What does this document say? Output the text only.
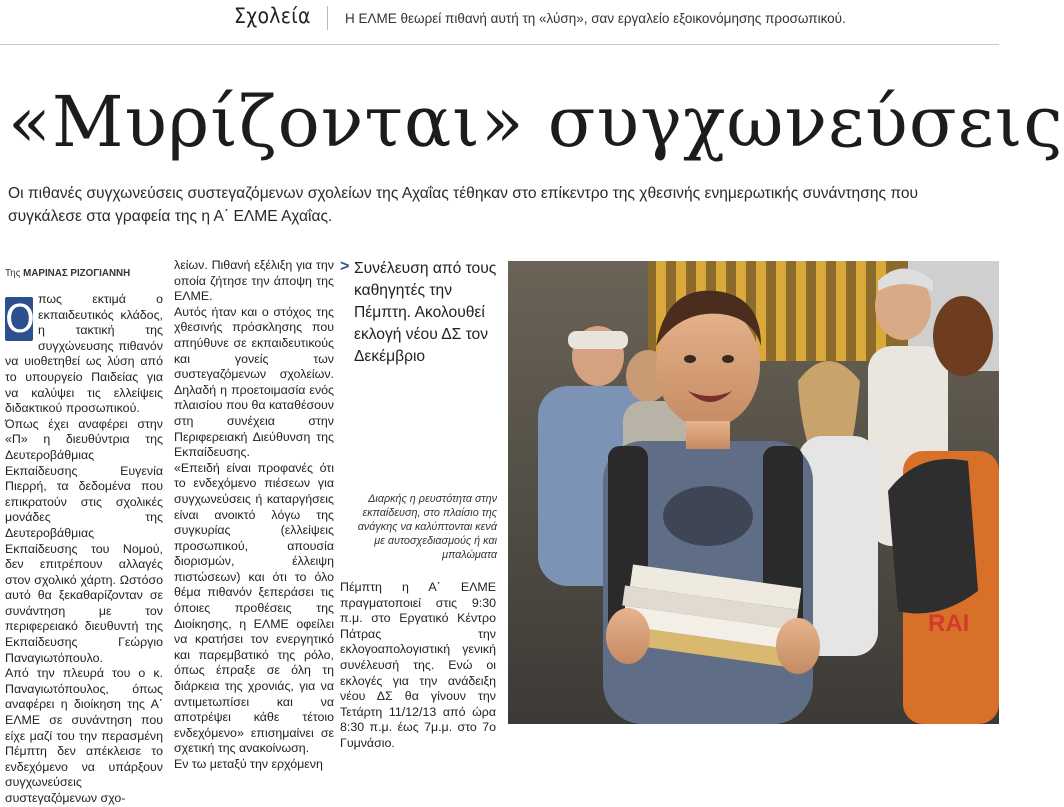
Σχολεία	Η ΕΛΜΕ θεωρεί πιθανή αυτή τη «λύση», σαν εργαλείο εξοικονόμησης προσωπικού.
«Μυρίζονται» συγχωνεύσεις
Οι πιθανές συγχωνεύσεις συστεγαζόμενων σχολείων της Αχαΐας τέθηκαν στο επίκεντρο της χθεσινής ενημερωτικής συνάντησης που συγκάλεσε στα γραφεία της η Α΄ ΕΛΜΕ Αχαΐας.
Της ΜΑΡΙΝΑΣ ΡΙΖΟΓΙΑΝΝΗ
Ο πως εκτιμά ο εκπαιδευτικός κλάδος, η τακτική της συγχώνευσης πιθανόν να υιοθετηθεί ως λύση από το υπουργείο Παιδείας για να καλύψει τις ελλείψεις διδακτικού προσωπικού.

Όπως έχει αναφέρει στην «Π» η διευθύντρια της Δευτεροβάθμιας Εκπαίδευσης Ευγενία Πιερρή, τα δεδομένα που επικρατούν στις σχολικές μονάδες της Δευτεροβάθμιας Εκπαίδευσης του Νομού, δεν επιτρέπουν αλλαγές στον σχολικό χάρτη. Ωστόσο αυτό θα ξεκαθαρίζονταν σε συνάντηση με τον περιφερειακό διευθυντή της Εκπαίδευσης Γεώργιο Παναγιωτόπουλο.

Από την πλευρά του ο κ. Παναγιωτόπουλος, όπως αναφέρει η διοίκηση της Α΄ ΕΛΜΕ σε συνάντηση που είχε μαζί του την περασμένη Πέμπτη δεν απέκλεισε το ενδεχόμενο να υπάρξουν συγχωνεύσεις συστεγαζόμενων σχο-

λείων. Πιθανή εξέλιξη για την οποία ζήτησε την άποψη της ΕΛΜΕ.

Αυτός ήταν και ο στόχος της χθεσινής πρόσκλησης που απηύθυνε σε εκπαιδευτικούς και γονείς των συστεγαζόμενων σχολείων. Δηλαδή η προετοιμασία ενός πλαισίου που θα καταθέσουν στη συνέχεια στην Περιφερειακή Διεύθυνση της Εκπαίδευσης.

«Επειδή είναι προφανές ότι το ενδεχόμενο πιέσεων για συγχωνεύσεις ή καταργήσεις είναι ανοικτό λόγω της συγκυρίας (ελλείψεις προσωπικού, απουσία διορισμών, έλλειψη πιστώσεων) και ότι το όλο θέμα πιθανόν ξεπεράσει τις όποιες προθέσεις της Διοίκησης, η ΕΛΜΕ οφείλει να κρατήσει τον ενεργητικό και παρεμβατικό της ρόλο, όπως έπραξε σε όλη τη διάρκεια της χρονιάς, για να αντιμετωπίσει και να αποτρέψει κάθε τέτοιο ενδεχόμενο» επισημαίνει σε σχετική της ανακοίνωση.

Εν τω μεταξύ την ερχόμενη

> Συνέλευση από τους καθηγητές την Πέμπτη. Ακολουθεί εκλογή νέου ΔΣ τον Δεκέμβριο
Διαρκής η ρευστότητα στην εκπαίδευση, στο πλαίσιο της ανάγκης να καλύπτονται κενά με αυτοσχεδιασμούς ή και μπαλώματα

Πέμπτη η Α΄ ΕΛΜΕ πραγματοποιεί στις 9:30 π.μ. στο Εργατικό Κέντρο Πάτρας την εκλογοαπολογιστική γενική συνέλευσή της. Ενώ οι εκλογές για την ανάδειξη νέου ΔΣ θα γίνουν την Τετάρτη 11/12/13 από ώρα 8:30 π.μ. έως 7μ.μ. στο 7ο Γυμνάσιο.

RAI
